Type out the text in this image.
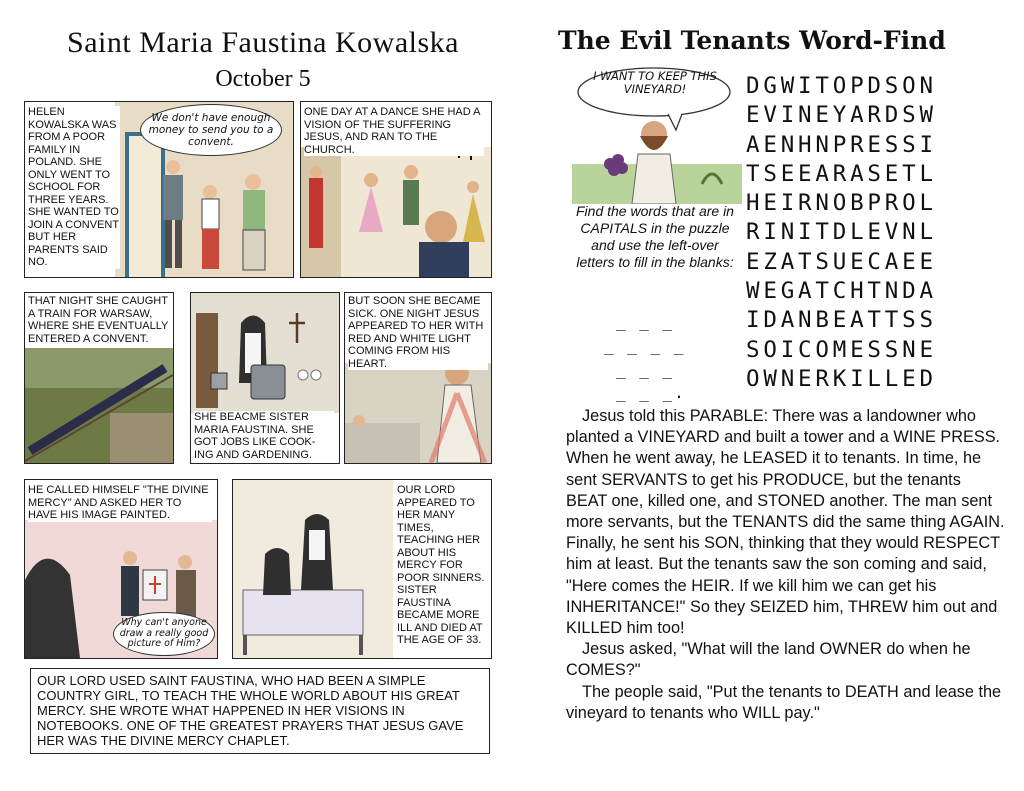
Saint Maria Faustina Kowalska
October 5
HELEN KOWALSKA WAS FROM A POOR FAMILY IN POLAND. SHE ONLY WENT TO SCHOOL FOR THREE YEARS. SHE WANTED TO JOIN A CONVENT BUT HER PARENTS SAID NO.
We don't have enough money to send you to a convent.
ONE DAY AT A DANCE SHE HAD A VISION OF THE SUFFERING JESUS, AND RAN TO THE CHURCH.
THAT NIGHT SHE CAUGHT A TRAIN FOR WARSAW, WHERE SHE EVENTUALLY ENTERED A CONVENT.
SHE BEACME SISTER MARIA FAUSTINA. SHE GOT JOBS LIKE COOK-ING AND GARDENING.
BUT SOON SHE BECAME SICK. ONE NIGHT JESUS APPEARED TO HER WITH RED AND WHITE LIGHT COMING FROM HIS HEART.
HE CALLED HIMSELF "THE DIVINE MERCY" AND ASKED HER TO HAVE HIS IMAGE PAINTED.
Why can't anyone draw a really good picture of Him?
OUR LORD APPEARED TO HER MANY TIMES, TEACHING HER ABOUT HIS MERCY FOR POOR SINNERS. SISTER FAUSTINA BECAME MORE ILL AND DIED AT THE AGE OF 33.
OUR LORD USED SAINT FAUSTINA, WHO HAD BEEN A SIMPLE COUNTRY GIRL, TO TEACH THE WHOLE WORLD ABOUT HIS GREAT MERCY. SHE WROTE WHAT HAPPENED IN HER VISIONS IN NOTEBOOKS. ONE OF THE GREATEST PRAYERS THAT JESUS GAVE HER WAS THE DIVINE MERCY CHAPLET.
The Evil Tenants Word-Find
I WANT TO KEEP THIS VINEYARD!
Find the words that are in CAPITALS in the puzzle and use the left-over letters to fill in the blanks:
_ _ _
_ _ _ _
_ _ _
_ _ _.
DGWITOPDSON
EVINEYARDSW
AENHNPRESSI
TSEEARASETL
HEIRNOBPROL
RINITDLEVNL
EZATSUECAEE
WEGATCHTNDA
IDANBEATTSS
SOICOMESSNE
OWNERKILLED

Jesus told this PARABLE: There was a landowner who planted a VINEYARD and built a tower and a WINE PRESS. When he went away, he LEASED it to tenants. In time, he sent SERVANTS to get his PRODUCE, but the tenants BEAT one, killed one, and STONED another. The man sent more servants, but the TENANTS did the same thing AGAIN. Finally, he sent his SON, thinking that they would RESPECT him at least. But the tenants saw the son coming and said, "Here comes the HEIR. If we kill him we can get his INHERITANCE!" So they SEIZED him, THREW him out and KILLED him too!

Jesus asked, "What will the land OWNER do when he COMES?"

The people said, "Put the tenants to DEATH and lease the vineyard to tenants who WILL pay."
